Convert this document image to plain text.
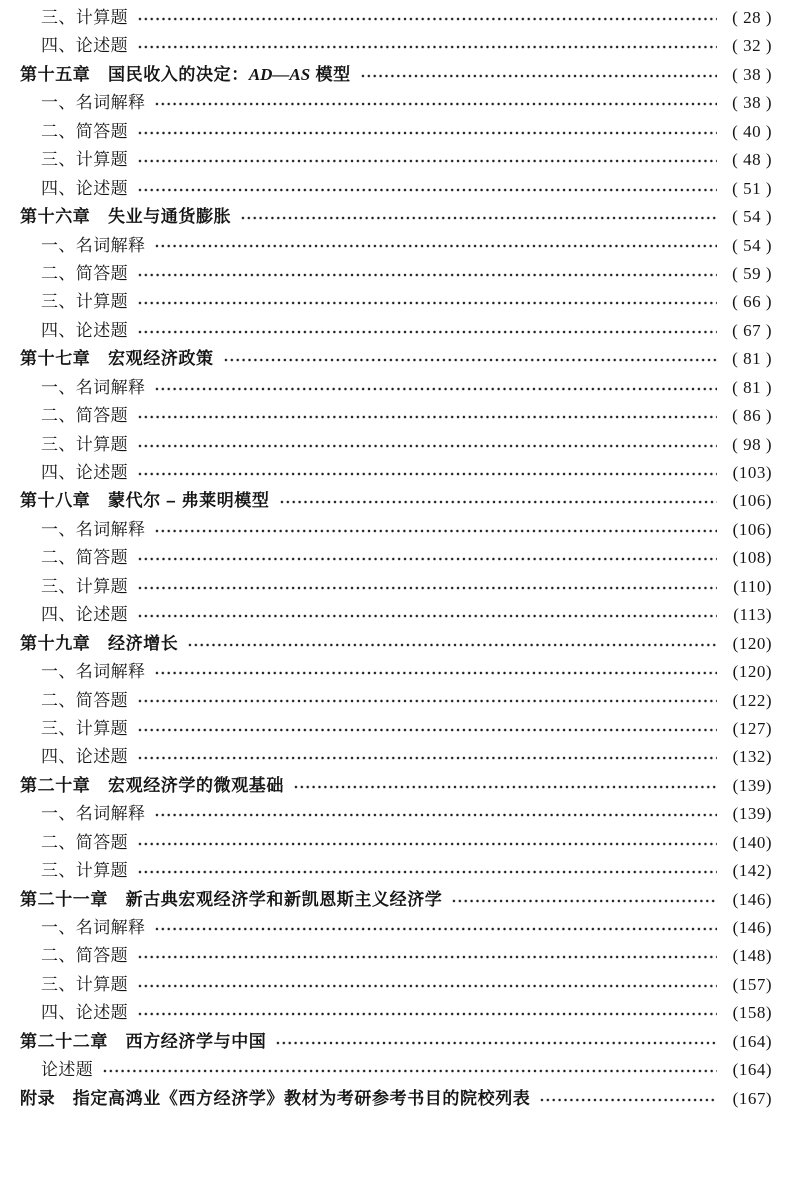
三、计算题	( 28 )
四、论述题	( 32 )
第十五章　国民收入的决定：AD—AS 模型	( 38 )
一、名词解释	( 38 )
二、简答题	( 40 )
三、计算题	( 48 )
四、论述题	( 51 )
第十六章　失业与通货膨胀	( 54 )
一、名词解释	( 54 )
二、简答题	( 59 )
三、计算题	( 66 )
四、论述题	( 67 )
第十七章　宏观经济政策	( 81 )
一、名词解释	( 81 )
二、简答题	( 86 )
三、计算题	( 98 )
四、论述题	(103)
第十八章　蒙代尔 – 弗莱明模型	(106)
一、名词解释	(106)
二、简答题	(108)
三、计算题	(110)
四、论述题	(113)
第十九章　经济增长	(120)
一、名词解释	(120)
二、简答题	(122)
三、计算题	(127)
四、论述题	(132)
第二十章　宏观经济学的微观基础	(139)
一、名词解释	(139)
二、简答题	(140)
三、计算题	(142)
第二十一章　新古典宏观经济学和新凯恩斯主义经济学	(146)
一、名词解释	(146)
二、简答题	(148)
三、计算题	(157)
四、论述题	(158)
第二十二章　西方经济学与中国	(164)
论述题	(164)
附录　指定高鸿业《西方经济学》教材为考研参考书目的院校列表	(167)
